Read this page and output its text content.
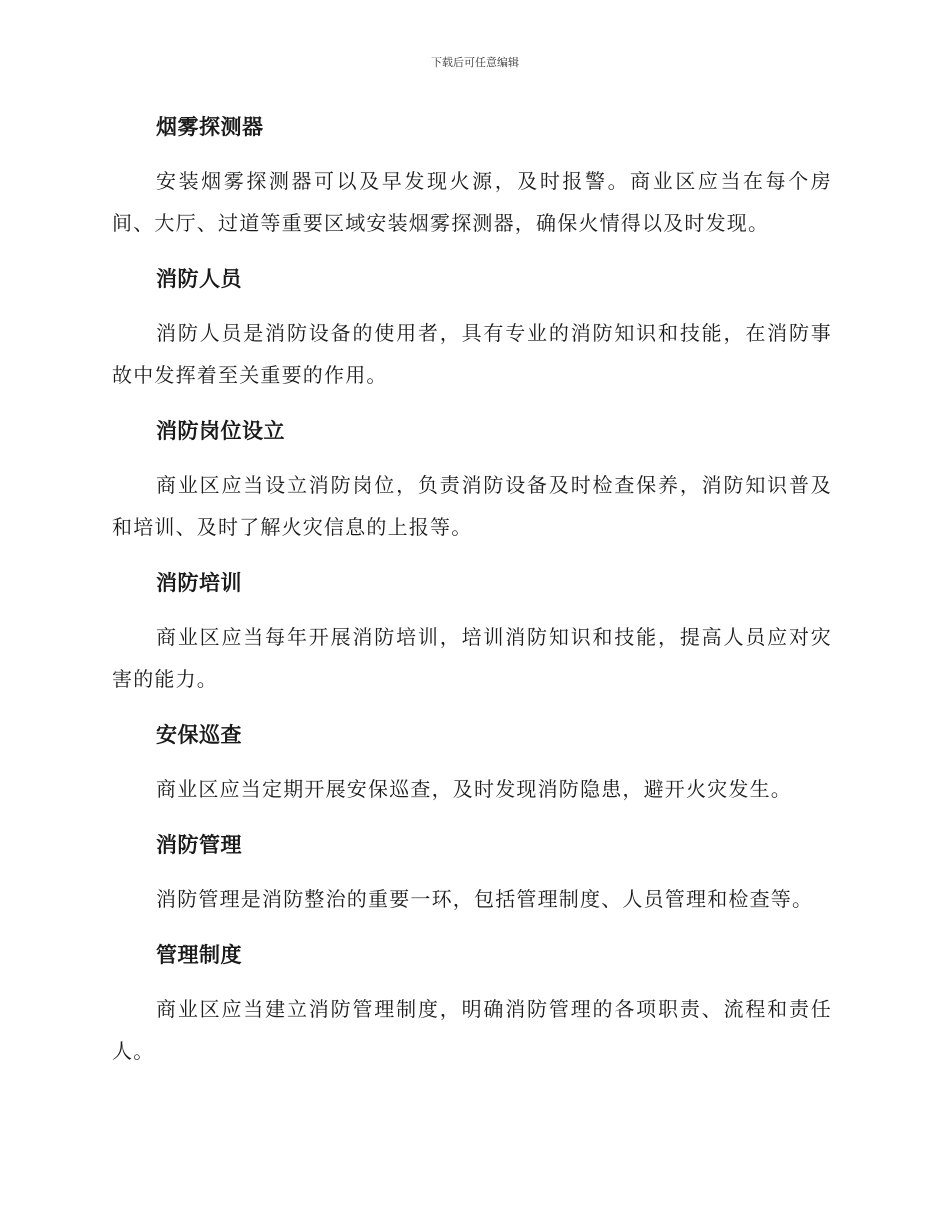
下载后可任意编辑
烟雾探测器

安装烟雾探测器可以及早发现火源，及时报警。商业区应当在每个房间、大厅、过道等重要区域安装烟雾探测器，确保火情得以及时发现。

消防人员

消防人员是消防设备的使用者，具有专业的消防知识和技能，在消防事故中发挥着至关重要的作用。

消防岗位设立

商业区应当设立消防岗位，负责消防设备及时检查保养，消防知识普及和培训、及时了解火灾信息的上报等。

消防培训

商业区应当每年开展消防培训，培训消防知识和技能，提高人员应对灾害的能力。

安保巡查

商业区应当定期开展安保巡查，及时发现消防隐患，避开火灾发生。

消防管理

消防管理是消防整治的重要一环，包括管理制度、人员管理和检查等。

管理制度

商业区应当建立消防管理制度，明确消防管理的各项职责、流程和责任人。
